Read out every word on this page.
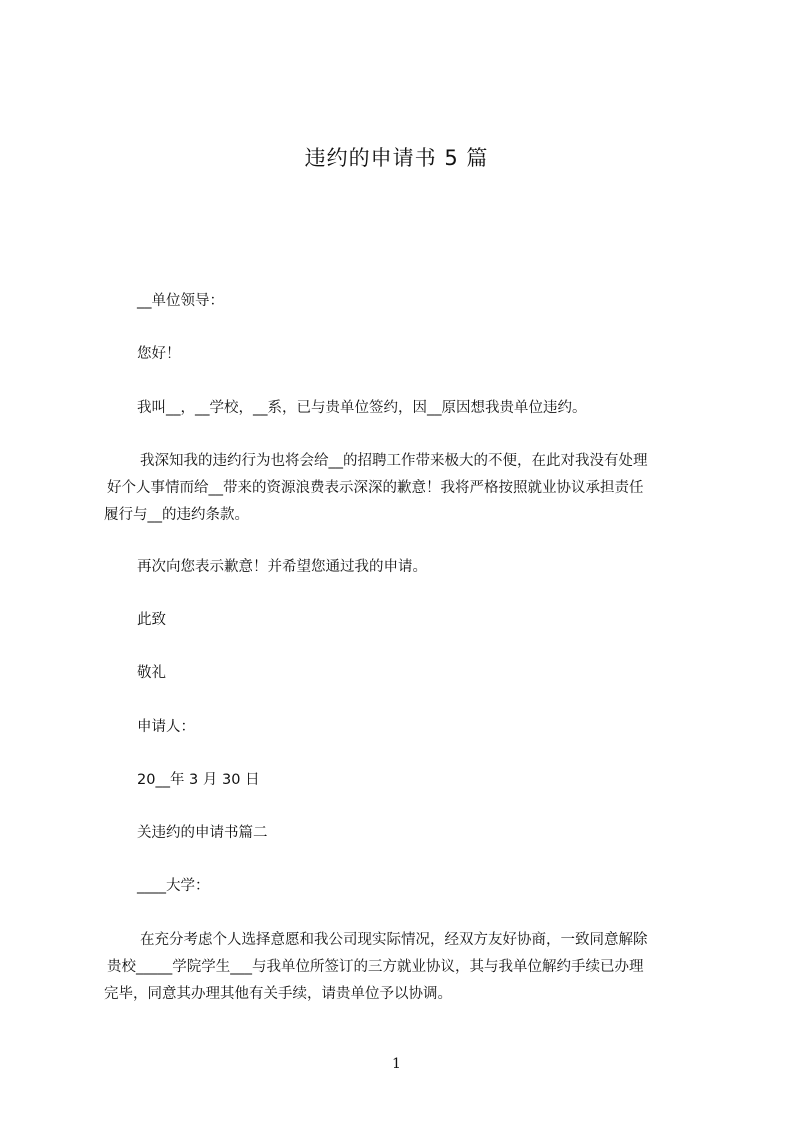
违约的申请书 5 篇
__单位领导：
您好！
我叫__，__学校，__系，已与贵单位签约，因__原因想我贵单位违约。
我深知我的违约行为也将会给__的招聘工作带来极大的不便，在此对我没有处理
好个人事情而给__带来的资源浪费表示深深的歉意！我将严格按照就业协议承担责任
履行与__的违约条款。
再次向您表示歉意！并希望您通过我的申请。
此致
敬礼
申请人：
20__年 3 月 30 日
关违约的申请书篇二
____大学：
在充分考虑个人选择意愿和我公司现实际情况，经双方友好协商，一致同意解除
贵校_____学院学生___与我单位所签订的三方就业协议，其与我单位解约手续已办理
完毕，同意其办理其他有关手续，请贵单位予以协调。
1
